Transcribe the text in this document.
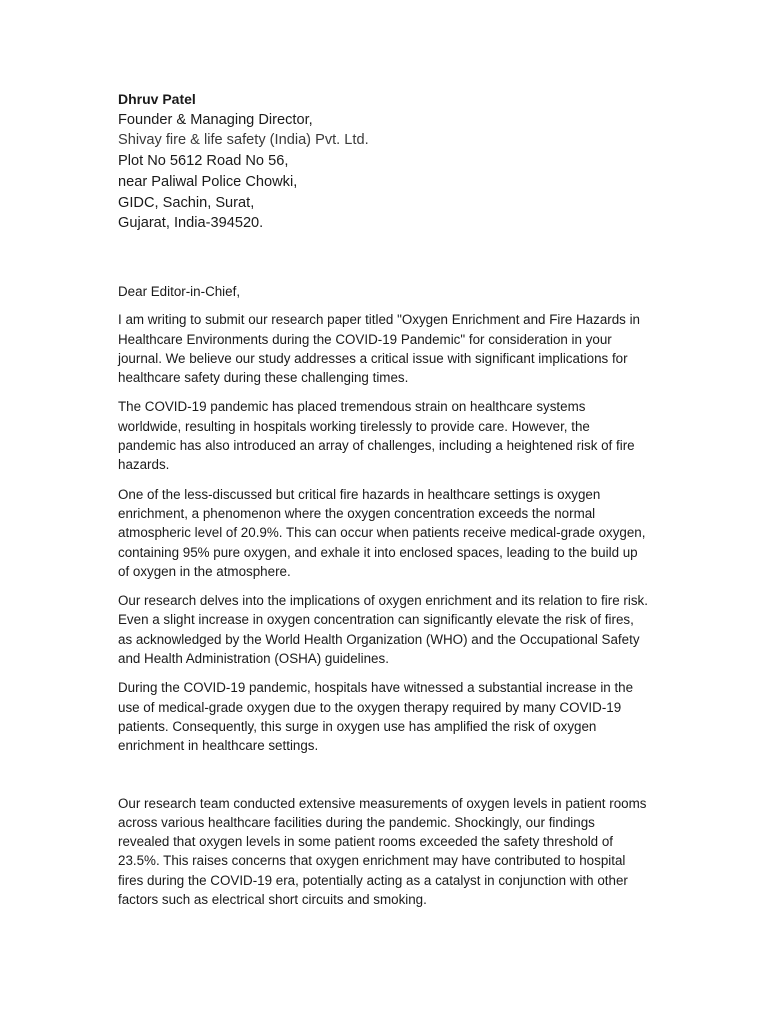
Dhruv Patel
Founder & Managing Director,
Shivay fire & life safety (India) Pvt. Ltd.
Plot No 5612 Road No 56,
near Paliwal Police Chowki,
GIDC, Sachin, Surat,
Gujarat, India-394520.

Dear Editor-in-Chief,

I am writing to submit our research paper titled "Oxygen Enrichment and Fire Hazards in Healthcare Environments during the COVID-19 Pandemic" for consideration in your journal. We believe our study addresses a critical issue with significant implications for healthcare safety during these challenging times.

The COVID-19 pandemic has placed tremendous strain on healthcare systems worldwide, resulting in hospitals working tirelessly to provide care. However, the pandemic has also introduced an array of challenges, including a heightened risk of fire hazards.

One of the less-discussed but critical fire hazards in healthcare settings is oxygen enrichment, a phenomenon where the oxygen concentration exceeds the normal atmospheric level of 20.9%. This can occur when patients receive medical-grade oxygen, containing 95% pure oxygen, and exhale it into enclosed spaces, leading to the build up of oxygen in the atmosphere.

Our research delves into the implications of oxygen enrichment and its relation to fire risk. Even a slight increase in oxygen concentration can significantly elevate the risk of fires, as acknowledged by the World Health Organization (WHO) and the Occupational Safety and Health Administration (OSHA) guidelines.

During the COVID-19 pandemic, hospitals have witnessed a substantial increase in the use of medical-grade oxygen due to the oxygen therapy required by many COVID-19 patients. Consequently, this surge in oxygen use has amplified the risk of oxygen enrichment in healthcare settings.

Our research team conducted extensive measurements of oxygen levels in patient rooms across various healthcare facilities during the pandemic. Shockingly, our findings revealed that oxygen levels in some patient rooms exceeded the safety threshold of 23.5%. This raises concerns that oxygen enrichment may have contributed to hospital fires during the COVID-19 era, potentially acting as a catalyst in conjunction with other factors such as electrical short circuits and smoking.
